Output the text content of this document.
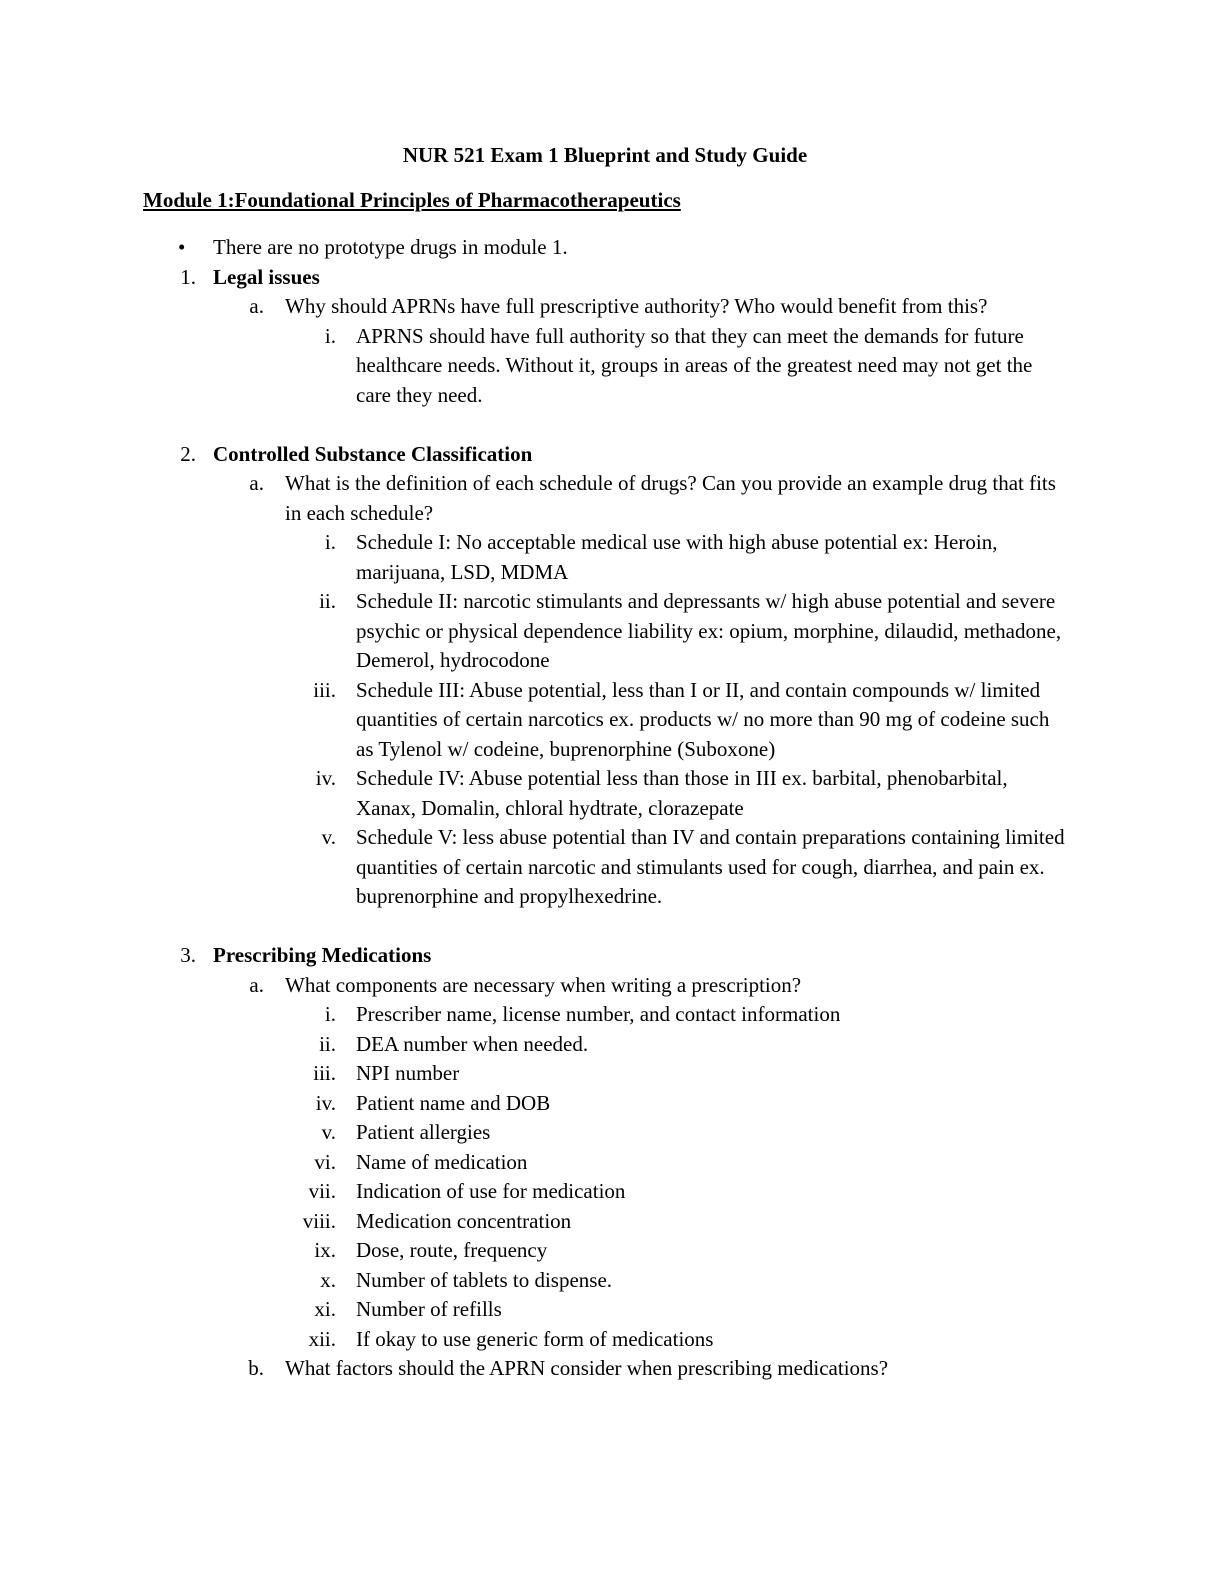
NUR 521 Exam 1 Blueprint and Study Guide
Module 1:Foundational Principles of Pharmacotherapeutics
•	There are no prototype drugs in module 1.
1. Legal issues
a. Why should APRNs have full prescriptive authority? Who would benefit from this?
i. APRNS should have full authority so that they can meet the demands for future healthcare needs. Without it, groups in areas of the greatest need may not get the care they need.
2. Controlled Substance Classification
a. What is the definition of each schedule of drugs? Can you provide an example drug that fits in each schedule?
i. Schedule I: No acceptable medical use with high abuse potential ex: Heroin, marijuana, LSD, MDMA
ii. Schedule II: narcotic stimulants and depressants w/ high abuse potential and severe psychic or physical dependence liability ex: opium, morphine, dilaudid, methadone, Demerol, hydrocodone
iii. Schedule III: Abuse potential, less than I or II, and contain compounds w/ limited quantities of certain narcotics ex. products w/ no more than 90 mg of codeine such as Tylenol w/ codeine, buprenorphine (Suboxone)
iv. Schedule IV: Abuse potential less than those in III ex. barbital, phenobarbital, Xanax, Domalin, chloral hydtrate, clorazepate
v. Schedule V: less abuse potential than IV and contain preparations containing limited quantities of certain narcotic and stimulants used for cough, diarrhea, and pain ex. buprenorphine and propylhexedrine.
3. Prescribing Medications
a. What components are necessary when writing a prescription?
i. Prescriber name, license number, and contact information
ii. DEA number when needed.
iii. NPI number
iv. Patient name and DOB
v. Patient allergies
vi. Name of medication
vii. Indication of use for medication
viii. Medication concentration
ix. Dose, route, frequency
x. Number of tablets to dispense.
xi. Number of refills
xii. If okay to use generic form of medications
b. What factors should the APRN consider when prescribing medications?
